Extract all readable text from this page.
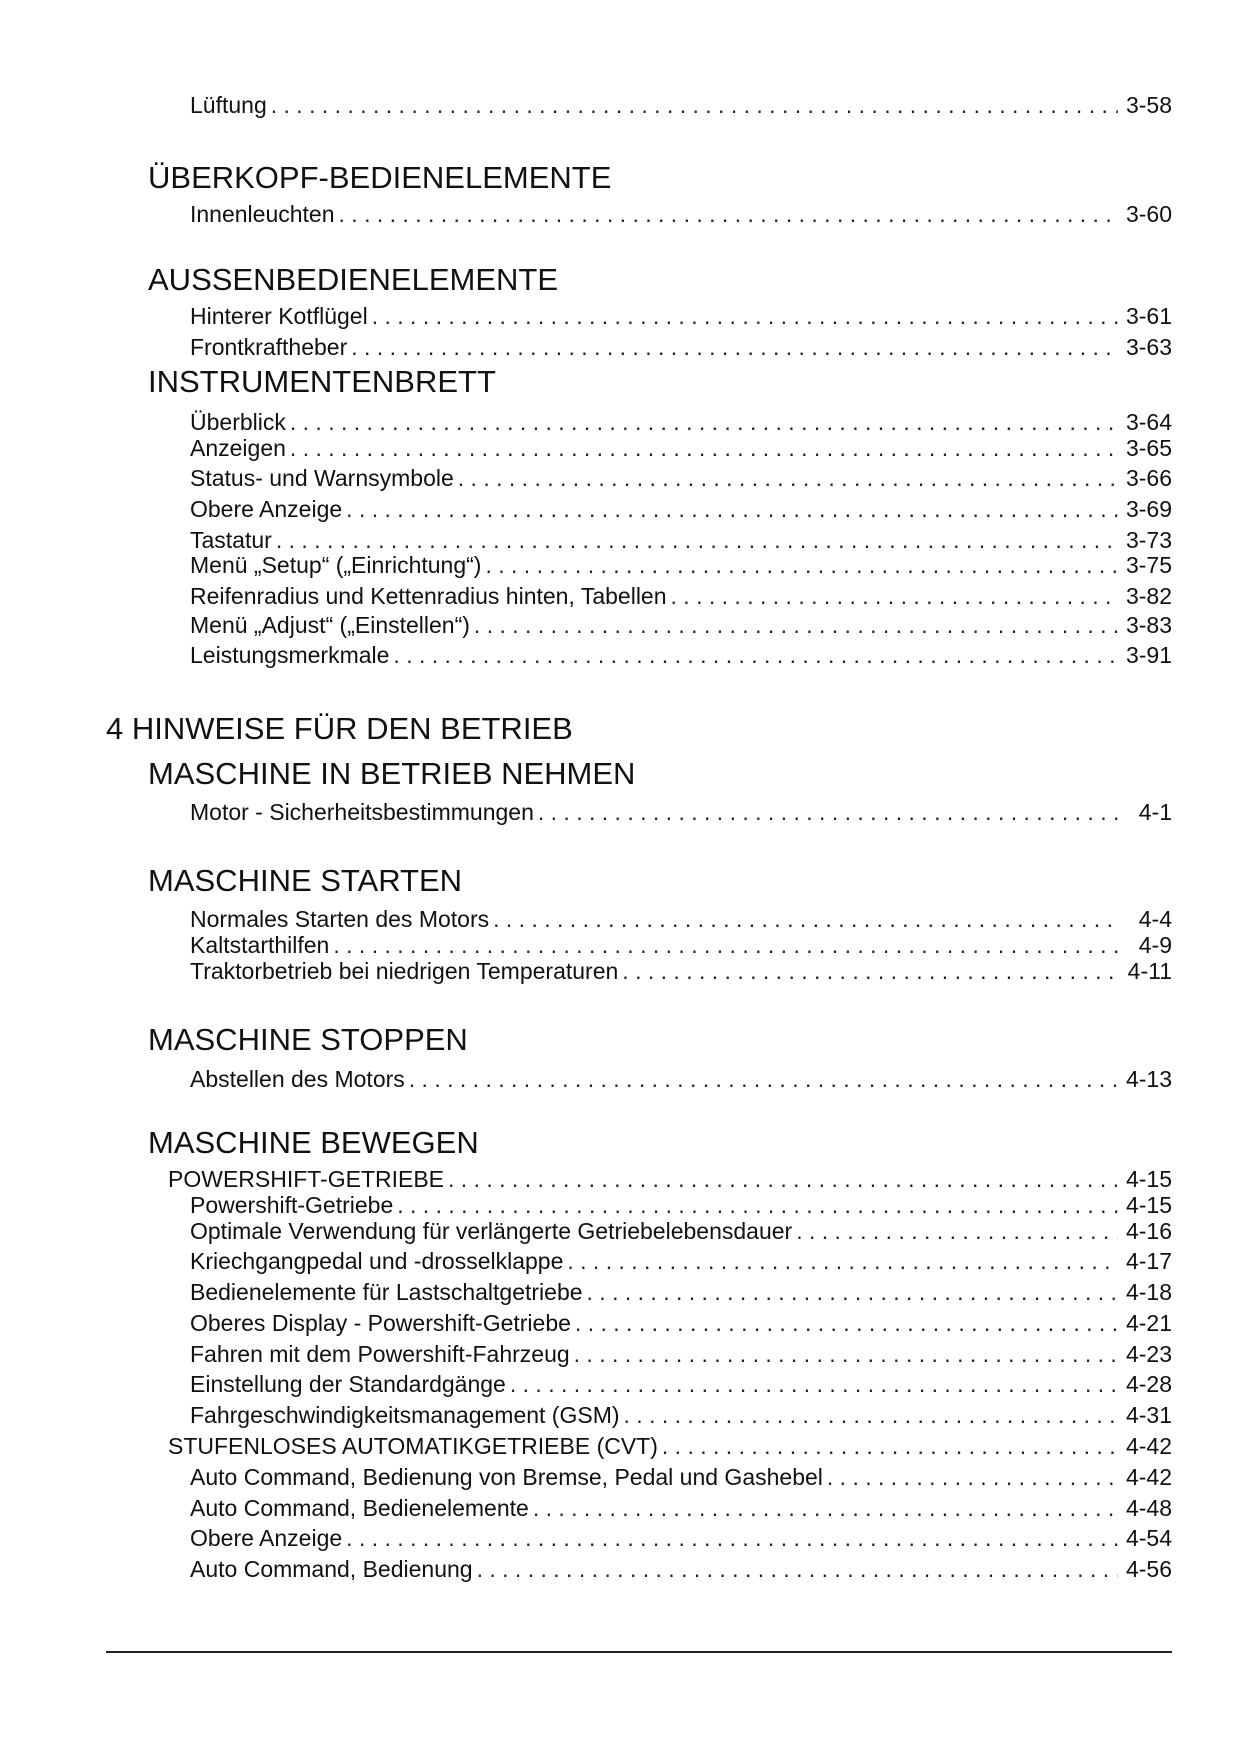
Lüftung . . .	3-58
ÜBERKOPF-BEDIENELEMENTE
Innenleuchten . . .	3-60
AUSSENBEDIENELEMENTE
Hinterer Kotflügel . . .	3-61
Frontkraftheber . . .	3-63
INSTRUMENTENBRETT
Überblick . . .	3-64
Anzeigen . . .	3-65
Status- und Warnsymbole . . .	3-66
Obere Anzeige . . .	3-69
Tastatur . . .	3-73
Menü „Setup“ („Einrichtung“) . . .	3-75
Reifenradius und Kettenradius hinten, Tabellen . . .	3-82
Menü „Adjust“ („Einstellen“) . . .	3-83
Leistungsmerkmale . . .	3-91
4 HINWEISE FÜR DEN BETRIEB
MASCHINE IN BETRIEB NEHMEN
Motor - Sicherheitsbestimmungen . . .	4-1
MASCHINE STARTEN
Normales Starten des Motors . . .	4-4
Kaltstarthilfen . . .	4-9
Traktorbetrieb bei niedrigen Temperaturen . . .	4-11
MASCHINE STOPPEN
Abstellen des Motors . . .	4-13
MASCHINE BEWEGEN
POWERSHIFT-GETRIEBE . . .	4-15
Powershift-Getriebe . . .	4-15
Optimale Verwendung für verlängerte Getriebelebensdauer . . .	4-16
Kriechgangpedal und -drosselklappe . . .	4-17
Bedienelemente für Lastschaltgetriebe . . .	4-18
Oberes Display - Powershift-Getriebe . . .	4-21
Fahren mit dem Powershift-Fahrzeug . . .	4-23
Einstellung der Standardgänge . . .	4-28
Fahrgeschwindigkeitsmanagement (GSM) . . .	4-31
STUFENLOSES AUTOMATIKGETRIEBE (CVT) . . .	4-42
Auto Command, Bedienung von Bremse, Pedal und Gashebel . . .	4-42
Auto Command, Bedienelemente . . .	4-48
Obere Anzeige . . .	4-54
Auto Command, Bedienung . . .	4-56
